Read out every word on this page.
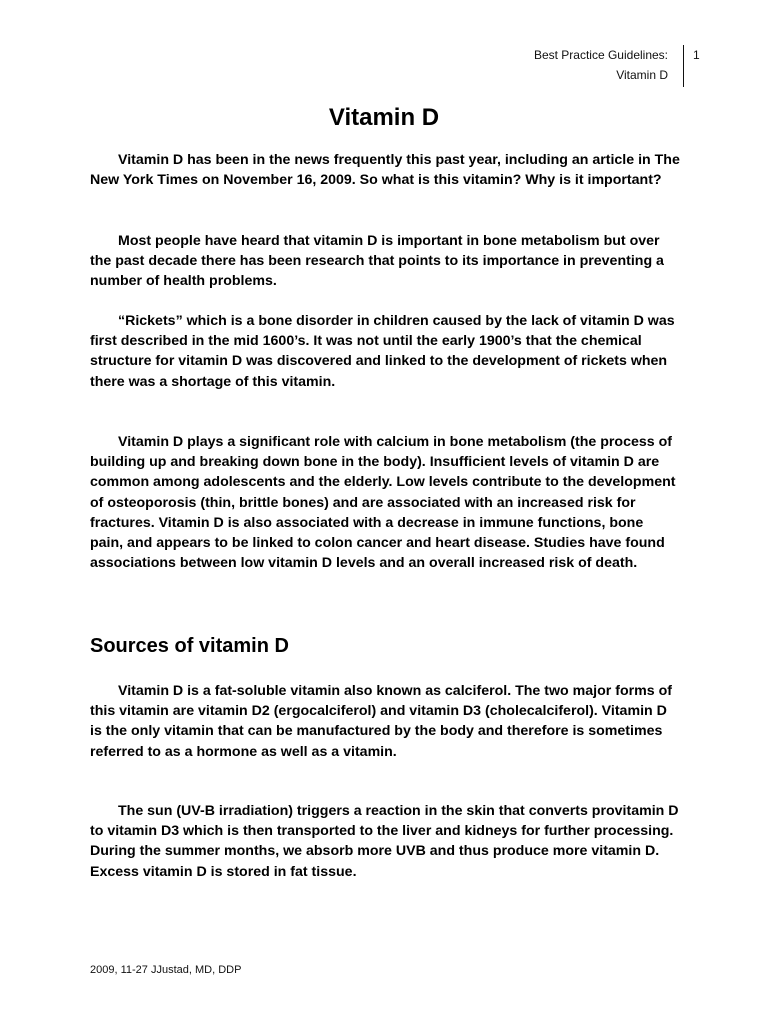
Best Practice Guidelines:
Vitamin D
1
Vitamin D

Vitamin D has been in the news frequently this past year, including an article in The New York Times on November 16, 2009. So what is this vitamin? Why is it important?

Most people have heard that vitamin D is important in bone metabolism but over the past decade there has been research that points to its importance in preventing a number of health problems.

“Rickets” which is a bone disorder in children caused by the lack of vitamin D was first described in the mid 1600’s. It was not until the early 1900’s that the chemical structure for vitamin D was discovered and linked to the development of rickets when there was a shortage of this vitamin.

Vitamin D plays a significant role with calcium in bone metabolism (the process of building up and breaking down bone in the body). Insufficient levels of vitamin D are common among adolescents and the elderly. Low levels contribute to the development of osteoporosis (thin, brittle bones) and are associated with an increased risk for fractures. Vitamin D is also associated with a decrease in immune functions, bone pain, and appears to be linked to colon cancer and heart disease. Studies have found associations between low vitamin D levels and an overall increased risk of death.

Sources of vitamin D

Vitamin D is a fat-soluble vitamin also known as calciferol. The two major forms of this vitamin are vitamin D2 (ergocalciferol) and vitamin D3 (cholecalciferol). Vitamin D is the only vitamin that can be manufactured by the body and therefore is sometimes referred to as a hormone as well as a vitamin.

The sun (UV-B irradiation) triggers a reaction in the skin that converts provitamin D to vitamin D3 which is then transported to the liver and kidneys for further processing. During the summer months, we absorb more UVB and thus produce more vitamin D. Excess vitamin D is stored in fat tissue.

2009, 11-27 JJustad, MD, DDP
